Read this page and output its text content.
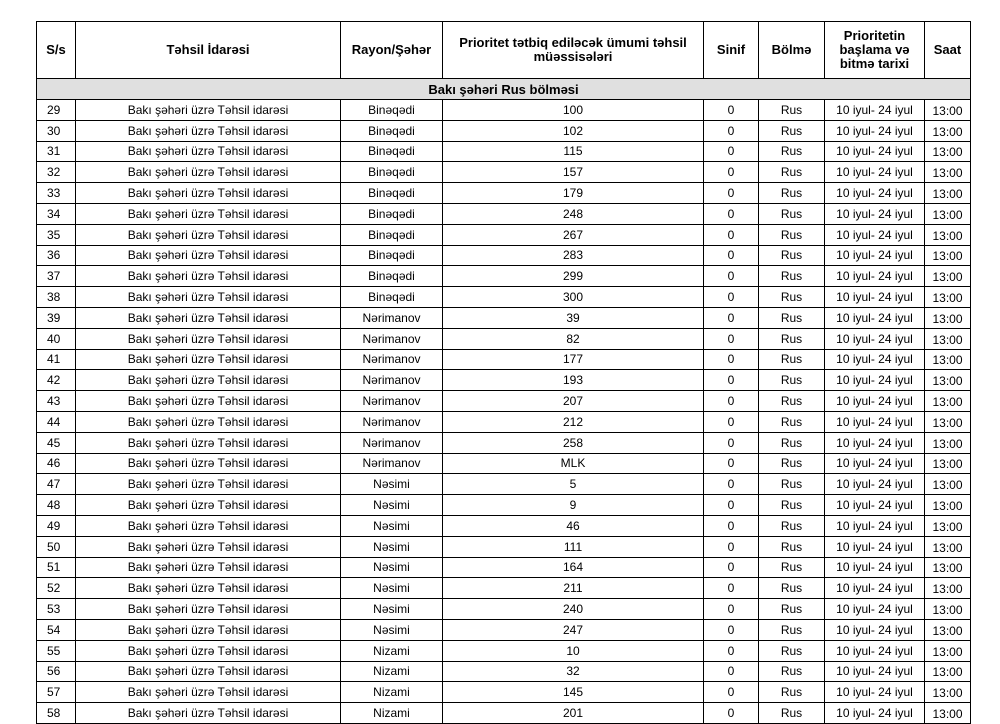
S/s	Təhsil İdarəsi	Rayon/Şəhər	Prioritet tətbiq ediləcək ümumi təhsil müəssisələri	Sinif	Bölmə	Prioritetin başlama və bitmə tarixi	Saat
Bakı şəhəri Rus bölməsi							
29	Bakı şəhəri üzrə Təhsil idarəsi	Binəqədi	100	0	Rus	10 iyul- 24 iyul	13:00
30	Bakı şəhəri üzrə Təhsil idarəsi	Binəqədi	102	0	Rus	10 iyul- 24 iyul	13:00
31	Bakı şəhəri üzrə Təhsil idarəsi	Binəqədi	115	0	Rus	10 iyul- 24 iyul	13:00
32	Bakı şəhəri üzrə Təhsil idarəsi	Binəqədi	157	0	Rus	10 iyul- 24 iyul	13:00
33	Bakı şəhəri üzrə Təhsil idarəsi	Binəqədi	179	0	Rus	10 iyul- 24 iyul	13:00
34	Bakı şəhəri üzrə Təhsil idarəsi	Binəqədi	248	0	Rus	10 iyul- 24 iyul	13:00
35	Bakı şəhəri üzrə Təhsil idarəsi	Binəqədi	267	0	Rus	10 iyul- 24 iyul	13:00
36	Bakı şəhəri üzrə Təhsil idarəsi	Binəqədi	283	0	Rus	10 iyul- 24 iyul	13:00
37	Bakı şəhəri üzrə Təhsil idarəsi	Binəqədi	299	0	Rus	10 iyul- 24 iyul	13:00
38	Bakı şəhəri üzrə Təhsil idarəsi	Binəqədi	300	0	Rus	10 iyul- 24 iyul	13:00
39	Bakı şəhəri üzrə Təhsil idarəsi	Nərimanov	39	0	Rus	10 iyul- 24 iyul	13:00
40	Bakı şəhəri üzrə Təhsil idarəsi	Nərimanov	82	0	Rus	10 iyul- 24 iyul	13:00
41	Bakı şəhəri üzrə Təhsil idarəsi	Nərimanov	177	0	Rus	10 iyul- 24 iyul	13:00
42	Bakı şəhəri üzrə Təhsil idarəsi	Nərimanov	193	0	Rus	10 iyul- 24 iyul	13:00
43	Bakı şəhəri üzrə Təhsil idarəsi	Nərimanov	207	0	Rus	10 iyul- 24 iyul	13:00
44	Bakı şəhəri üzrə Təhsil idarəsi	Nərimanov	212	0	Rus	10 iyul- 24 iyul	13:00
45	Bakı şəhəri üzrə Təhsil idarəsi	Nərimanov	258	0	Rus	10 iyul- 24 iyul	13:00
46	Bakı şəhəri üzrə Təhsil idarəsi	Nərimanov	MLK	0	Rus	10 iyul- 24 iyul	13:00
47	Bakı şəhəri üzrə Təhsil idarəsi	Nəsimi	5	0	Rus	10 iyul- 24 iyul	13:00
48	Bakı şəhəri üzrə Təhsil idarəsi	Nəsimi	9	0	Rus	10 iyul- 24 iyul	13:00
49	Bakı şəhəri üzrə Təhsil idarəsi	Nəsimi	46	0	Rus	10 iyul- 24 iyul	13:00
50	Bakı şəhəri üzrə Təhsil idarəsi	Nəsimi	111	0	Rus	10 iyul- 24 iyul	13:00
51	Bakı şəhəri üzrə Təhsil idarəsi	Nəsimi	164	0	Rus	10 iyul- 24 iyul	13:00
52	Bakı şəhəri üzrə Təhsil idarəsi	Nəsimi	211	0	Rus	10 iyul- 24 iyul	13:00
53	Bakı şəhəri üzrə Təhsil idarəsi	Nəsimi	240	0	Rus	10 iyul- 24 iyul	13:00
54	Bakı şəhəri üzrə Təhsil idarəsi	Nəsimi	247	0	Rus	10 iyul- 24 iyul	13:00
55	Bakı şəhəri üzrə Təhsil idarəsi	Nizami	10	0	Rus	10 iyul- 24 iyul	13:00
56	Bakı şəhəri üzrə Təhsil idarəsi	Nizami	32	0	Rus	10 iyul- 24 iyul	13:00
57	Bakı şəhəri üzrə Təhsil idarəsi	Nizami	145	0	Rus	10 iyul- 24 iyul	13:00
58	Bakı şəhəri üzrə Təhsil idarəsi	Nizami	201	0	Rus	10 iyul- 24 iyul	13:00
